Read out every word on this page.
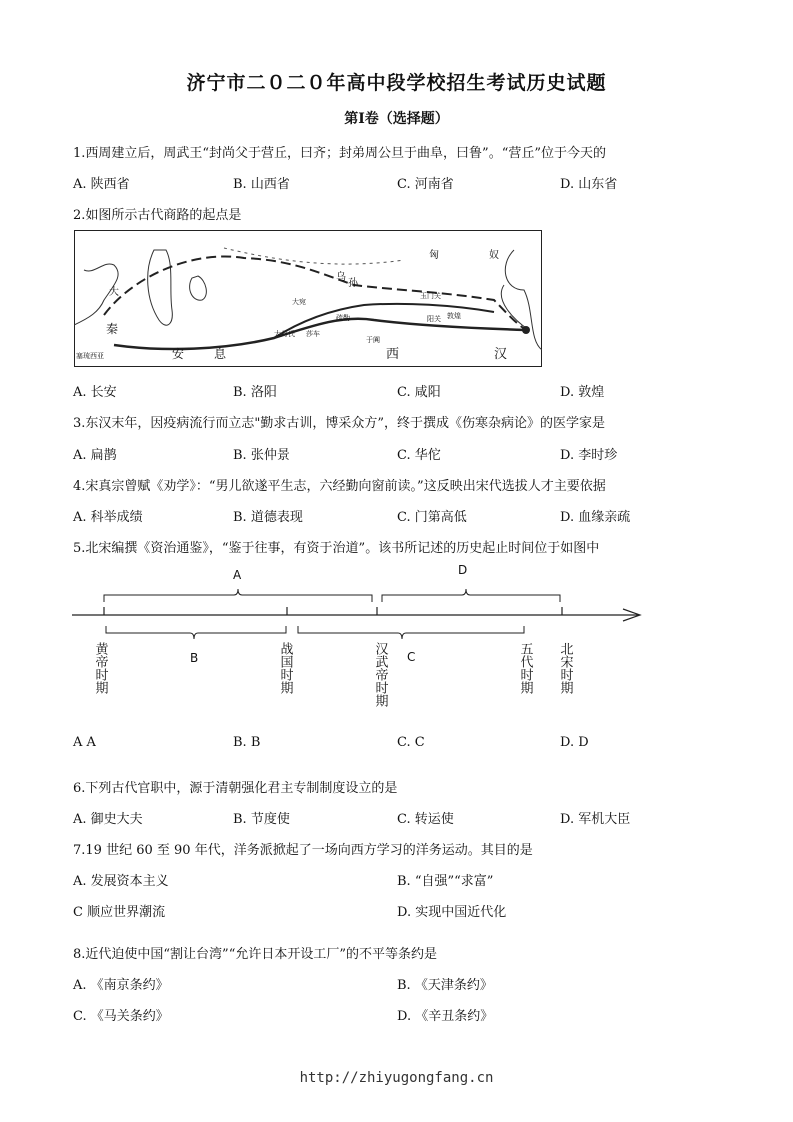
济宁市二０二０年高中段学校招生考试历史试题
第Ⅰ卷（选择题）
1.西周建立后，周武王“封尚父于营丘，曰齐；封弟周公旦于曲阜，曰鲁”。“营丘”位于今天的
A. 陕西省	B. 山西省	C. 河南省	D. 山东省
2.如图所示古代商路的起点是
匈	奴
乌
孙
大
秦
安 息	西	汉
大宛
玉门关
阳关 敦煌
疏勒
大月氏
于阗
塞琉西亚
莎车
A. 长安	B. 洛阳	C. 咸阳	D. 敦煌
3.东汉末年，因疫病流行而立志"勤求古训，博采众方”，终于撰成《伤寒杂病论》的医学家是
A. 扁鹊	B. 张仲景	C. 华佗	D. 李时珍
4.宋真宗曾赋《劝学》：“男儿欲遂平生志，六经勤向窗前读。”这反映出宋代选拔人才主要依据
A. 科举成绩	B. 道德表现	C. 门第高低	D. 血缘亲疏
5.北宋编撰《资治通鉴》，“鉴于往事，有资于治道”。该书所记述的历史起止时间位于如图中
A	D
B	C
黄帝时期	战国时期	汉武帝时期	五代时期 北宋时期
A A	B. B	C. C	D. D
6.下列古代官职中，源于清朝强化君主专制制度设立的是
A. 御史大夫	B. 节度使	C. 转运使	D. 军机大臣
7.19 世纪 60 至 90 年代，洋务派掀起了一场向西方学习的洋务运动。其目的是
A. 发展资本主义	B. “自强”“求富”
C 顺应世界潮流	D. 实现中国近代化
8.近代迫使中国“割让台湾”“允许日本开设工厂”的不平等条约是
A. 《南京条约》	B. 《天津条约》
C. 《马关条约》	D. 《辛丑条约》
http://zhiyugongfang.cn
